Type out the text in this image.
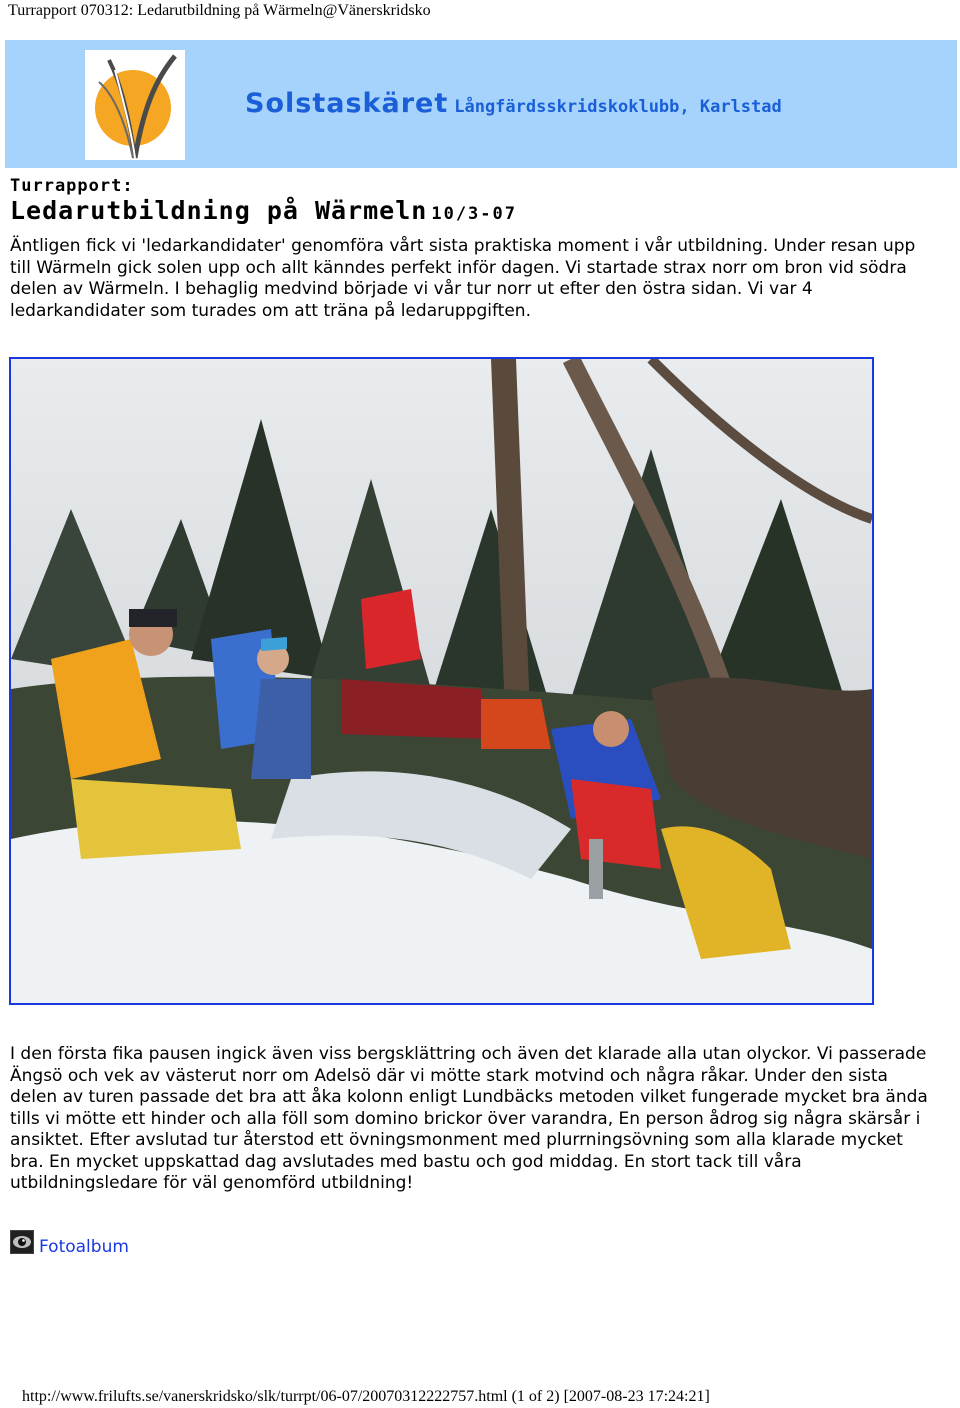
Turrapport 070312: Ledarutbildning på Wärmeln@Vänerskridsko
Solstaskäret Långfärdsskridskoklubb, Karlstad
Turrapport:
Ledarutbildning på Wärmeln 10/3-07
Äntligen fick vi 'ledarkandidater' genomföra vårt sista praktiska moment i vår utbildning. Under resan upp till Wärmeln gick solen upp och allt känndes perfekt inför dagen. Vi startade strax norr om bron vid södra delen av Wärmeln. I behaglig medvind började vi vår tur norr ut efter den östra sidan. Vi var 4 ledarkandidater som turades om att träna på ledaruppgiften.
I den första fika pausen ingick även viss bergsklättring och även det klarade alla utan olyckor. Vi passerade Ängsö och vek av västerut norr om Adelsö där vi mötte stark motvind och några råkar. Under den sista delen av turen passade det bra att åka kolonn enligt Lundbäcks metoden vilket fungerade mycket bra ända tills vi mötte ett hinder och alla föll som domino brickor över varandra, En person ådrog sig några skärsår i ansiktet. Efter avslutad tur återstod ett övningsmonment med plurrningsövning som alla klarade mycket bra. En mycket uppskattad dag avslutades med bastu och god middag. En stort tack till våra utbildningsledare för väl genomförd utbildning!
Fotoalbum
http://www.frilufts.se/vanerskridsko/slk/turrpt/06-07/20070312222757.html (1 of 2) [2007-08-23 17:24:21]
